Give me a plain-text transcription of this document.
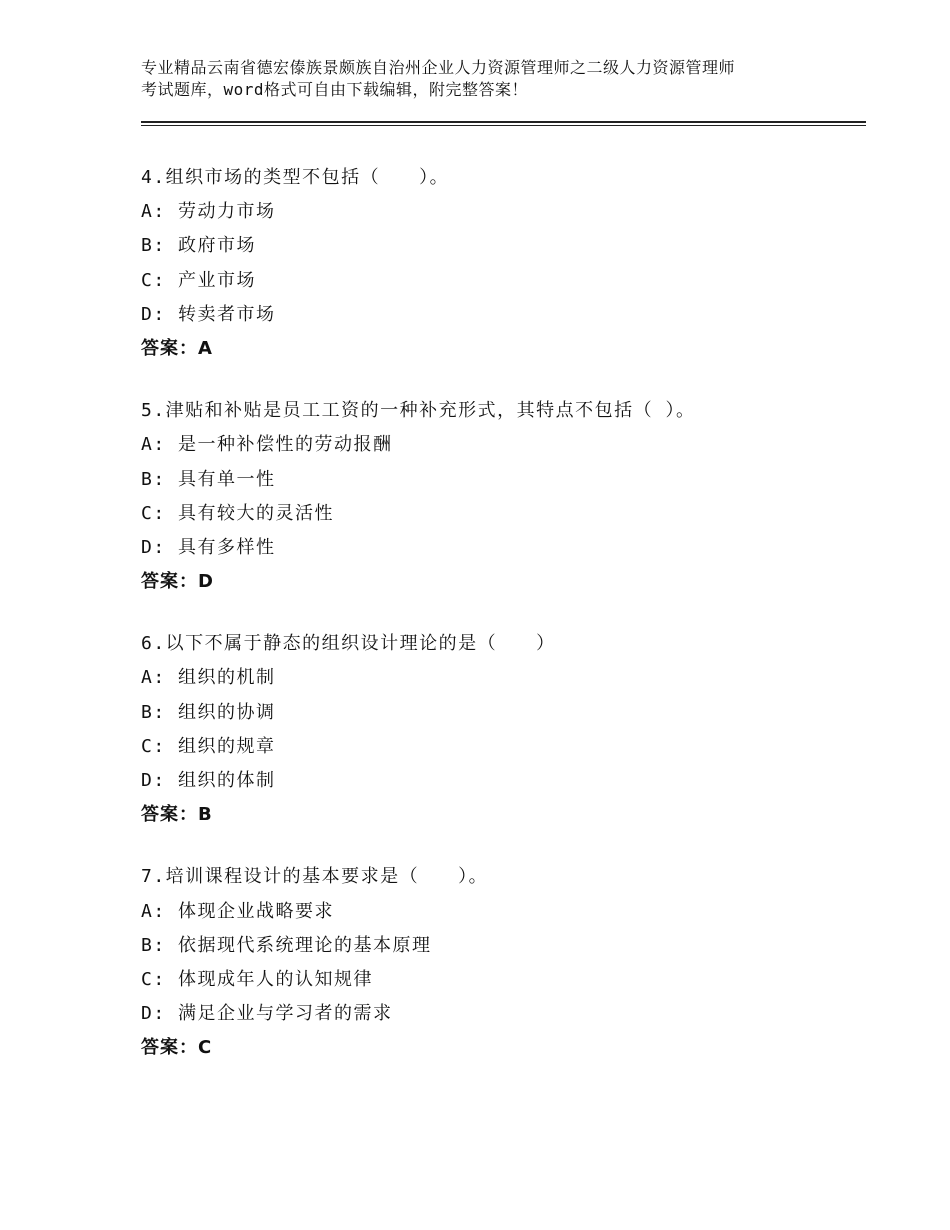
专业精品云南省德宏傣族景颇族自治州企业人力资源管理师之二级人力资源管理师
考试题库，word格式可自由下载编辑，附完整答案！
4.组织市场的类型不包括（　　）。
A: 劳动力市场
B: 政府市场
C: 产业市场
D: 转卖者市场
答案：A
5.津贴和补贴是员工工资的一种补充形式，其特点不包括（ ）。
A: 是一种补偿性的劳动报酬
B: 具有单一性
C: 具有较大的灵活性
D: 具有多样性
答案：D
6.以下不属于静态的组织设计理论的是（　　）
A: 组织的机制
B: 组织的协调
C: 组织的规章
D: 组织的体制
答案：B
7.培训课程设计的基本要求是（　　）。
A: 体现企业战略要求
B: 依据现代系统理论的基本原理
C: 体现成年人的认知规律
D: 满足企业与学习者的需求
答案：C
